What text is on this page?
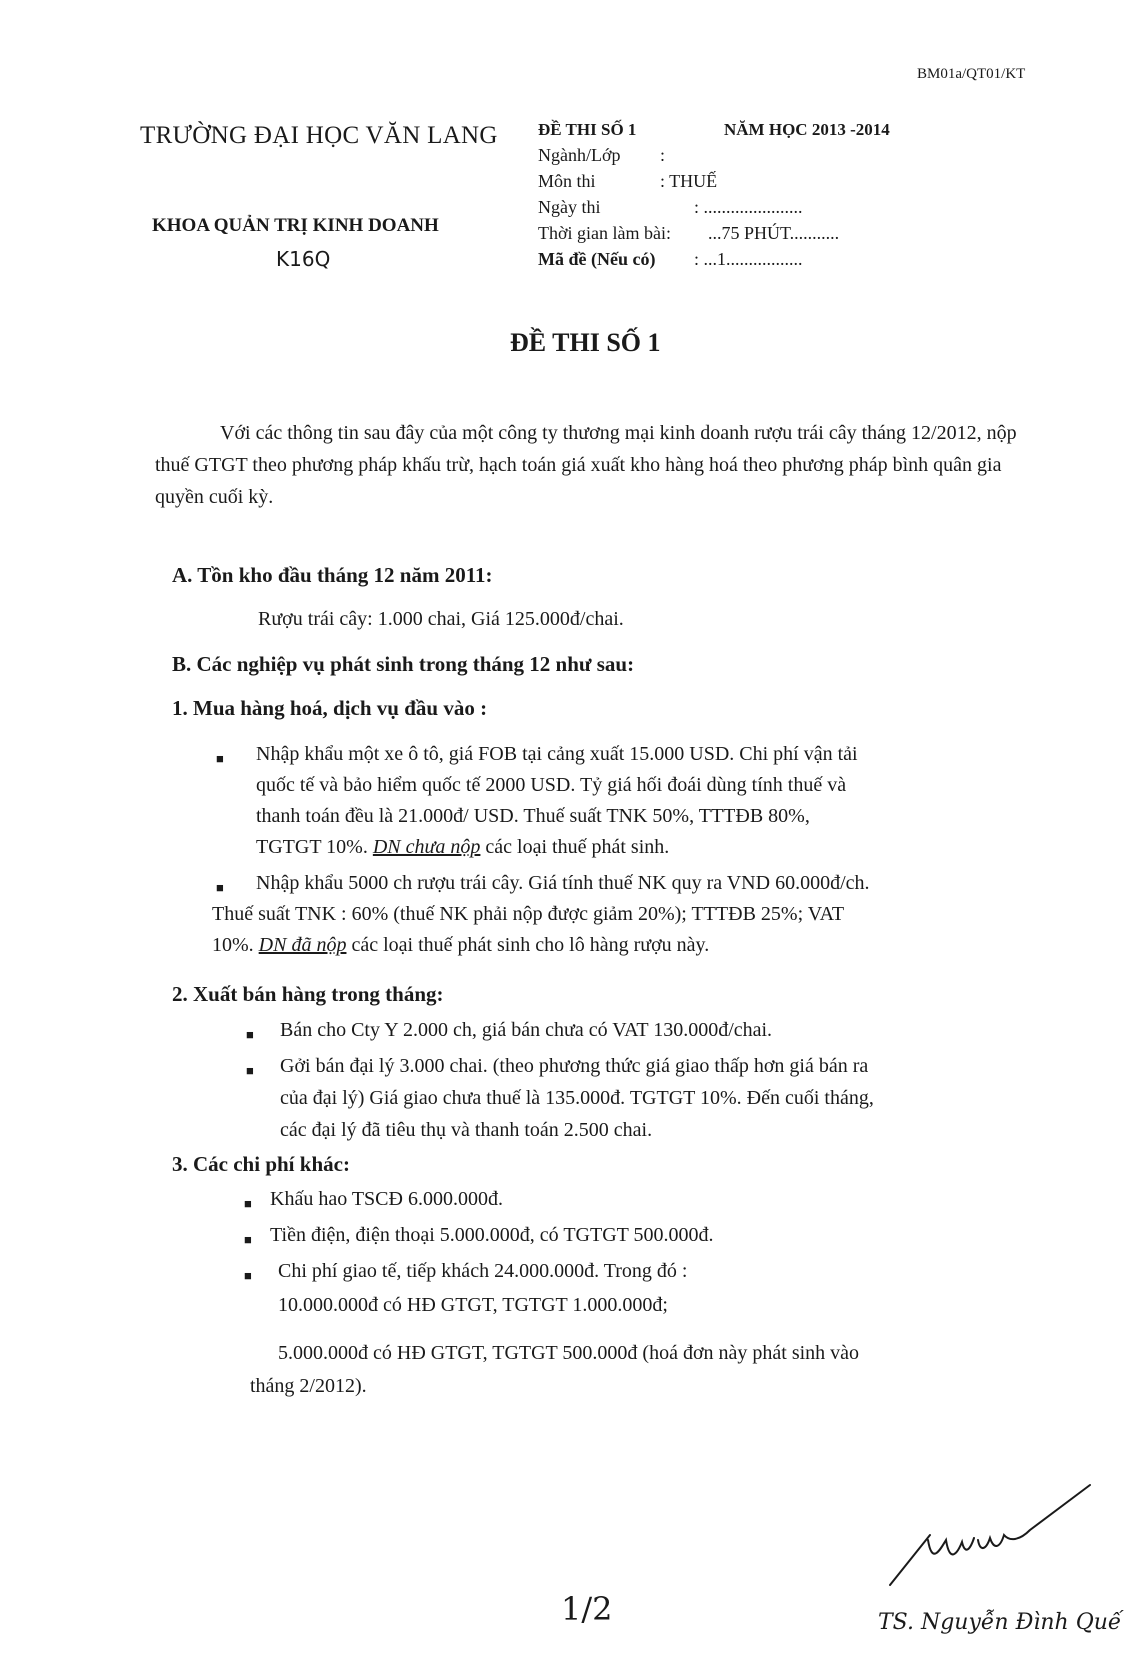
BM01a/QT01/KT
TRƯỜNG ĐẠI HỌC VĂN LANG
KHOA QUẢN TRỊ KINH DOANH
K16Q
ĐỀ THI SỐ 1	NĂM HỌC 2013 -2014
Ngành/Lớp :
Môn thi	: THUẾ
Ngày thi	: ......................
Thời gian làm bài: ...75 PHÚT...........
Mã đề (Nếu có) : ...1.................
ĐỀ THI SỐ 1
Với các thông tin sau đây của một công ty thương mại kinh doanh rượu trái cây tháng 12/2012, nộp thuế GTGT theo phương pháp khấu trừ, hạch toán giá xuất kho hàng hoá theo phương pháp bình quân gia quyền cuối kỳ.
A. Tồn kho đầu tháng 12 năm 2011:
Rượu trái cây: 1.000 chai, Giá 125.000đ/chai.
B. Các nghiệp vụ phát sinh trong tháng 12 như sau:
1. Mua hàng hoá, dịch vụ đầu vào :
■ Nhập khẩu một xe ô tô, giá FOB tại cảng xuất 15.000 USD. Chi phí vận tải
quốc tế và bảo hiểm quốc tế 2000 USD. Tỷ giá hối đoái dùng tính thuế và
thanh toán đều là 21.000đ/ USD. Thuế suất TNK 50%, TTTĐB 80%,
TGTGT 10%. DN chưa nộp các loại thuế phát sinh.
■ Nhập khẩu 5000 ch rượu trái cây. Giá tính thuế NK quy ra VND 60.000đ/ch.
Thuế suất TNK : 60% (thuế NK phải nộp được giảm 20%); TTTĐB 25%; VAT
10%. DN đã nộp các loại thuế phát sinh cho lô hàng rượu này.
2. Xuất bán hàng trong tháng:
■ Bán cho Cty Y 2.000 ch, giá bán chưa có VAT 130.000đ/chai.
■ Gởi bán đại lý 3.000 chai. (theo phương thức giá giao thấp hơn giá bán ra
của đại lý) Giá giao chưa thuế là 135.000đ. TGTGT 10%. Đến cuối tháng,
các đại lý đã tiêu thụ và thanh toán 2.500 chai.
3. Các chi phí khác:
■ Khấu hao TSCĐ 6.000.000đ.
■ Tiền điện, điện thoại 5.000.000đ, có TGTGT 500.000đ.
■ Chi phí giao tế, tiếp khách 24.000.000đ. Trong đó :
10.000.000đ có HĐ GTGT, TGTGT 1.000.000đ;
5.000.000đ có HĐ GTGT, TGTGT 500.000đ (hoá đơn này phát sinh vào
tháng 2/2012).
1/2	TS. Nguyễn Đình Quế
